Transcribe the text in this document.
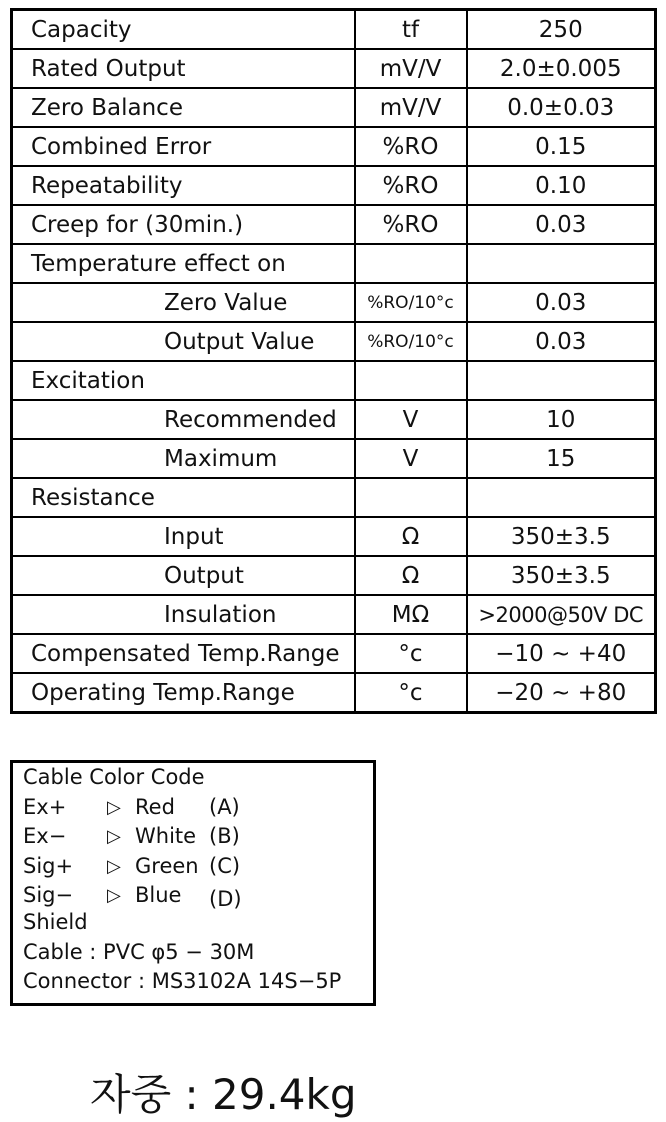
Capacity	tf	250
Rated Output	mV/V	2.0±0.005
Zero Balance	mV/V	0.0±0.03
Combined Error	%RO	0.15
Repeatability	%RO	0.10
Creep for (30min.)	%RO	0.03
Temperature effect on		
Zero Value	%RO/10°c	0.03
Output Value	%RO/10°c	0.03
Excitation		
Recommended	V	10
Maximum	V	15
Resistance		
Input	Ω	350±3.5
Output	Ω	350±3.5
Insulation	MΩ	>2000@50V DC
Compensated Temp.Range	°c	−10 ∼ +40
Operating Temp.Range	°c	−20 ∼ +80
Cable Color Code
Ex+ ▷ Red (A)
Ex− ▷ White (B)
Sig+ ▷ Green (C)
Sig− ▷ Blue (D)
Shield
Cable : PVC φ5 − 30M
Connector : MS3102A 14S−5P
자중 : 29.4kg
